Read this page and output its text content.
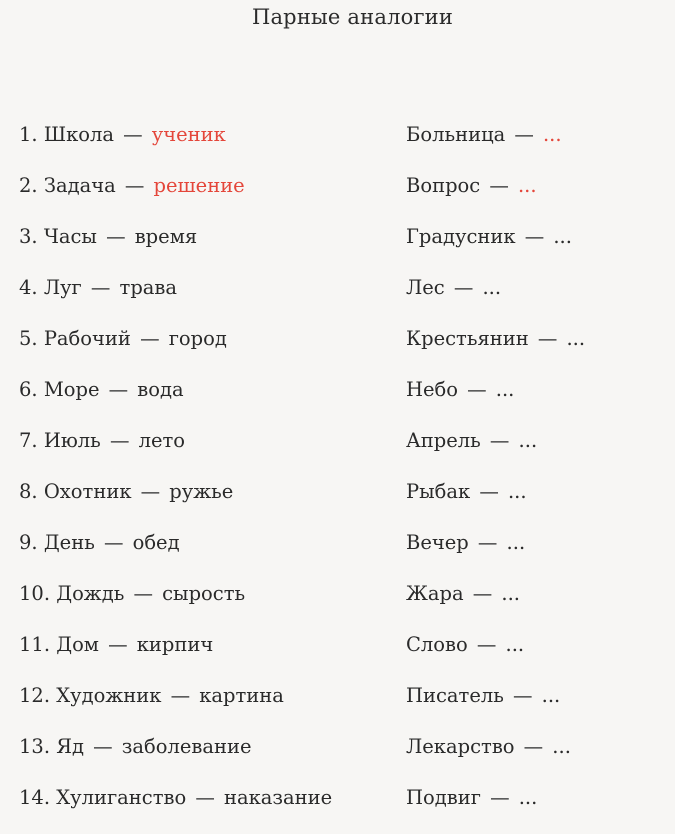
Парные аналогии
1. Школа — ученик	Больница — ...
2. Задача — решение	Вопрос — ...
3. Часы — время	Градусник — ...
4. Луг — трава	Лес — ...
5. Рабочий — город	Крестьянин — ...
6. Море — вода	Небо — ...
7. Июль — лето	Апрель — ...
8. Охотник — ружье	Рыбак — ...
9. День — обед	Вечер — ...
10. Дождь — сырость	Жара — ...
11. Дом — кирпич	Слово — ...
12. Художник — картина	Писатель — ...
13. Яд — заболевание	Лекарство — ...
14. Хулиганство — наказание	Подвиг — ...
